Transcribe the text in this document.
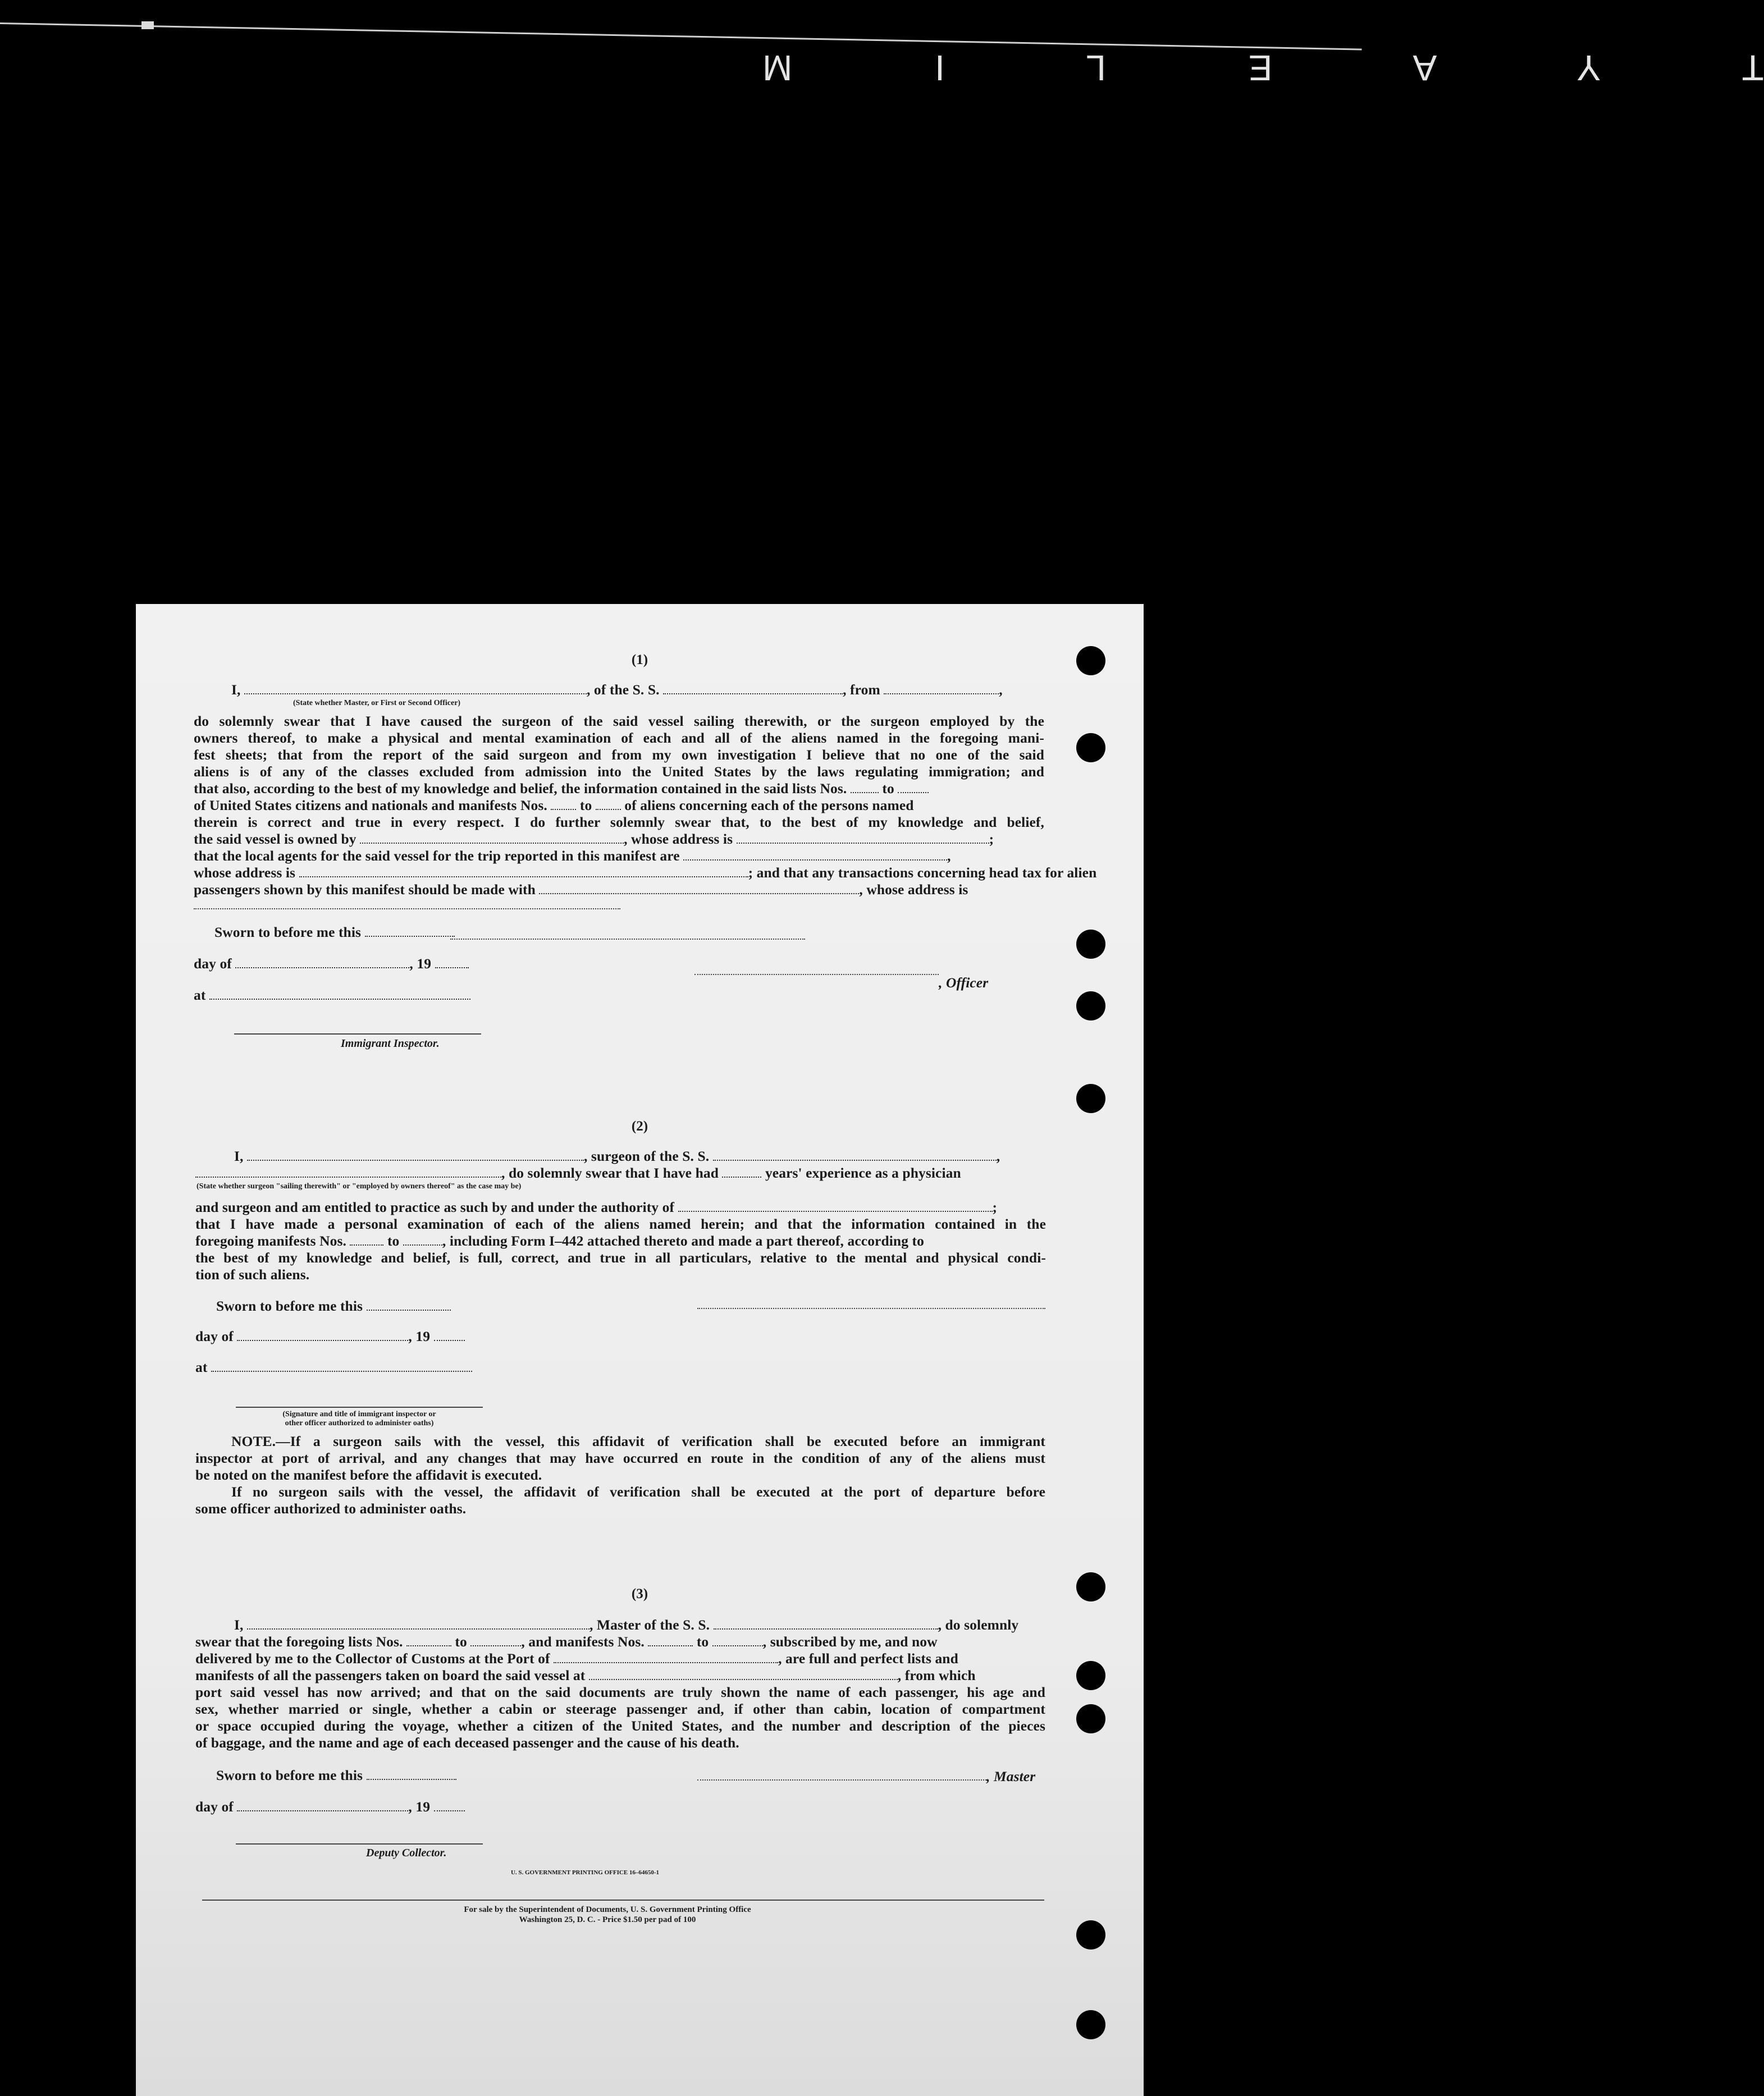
T Y A E L I M
(1)
I,	, of the S. S.	, from	,
(State whether Master, or First or Second Officer)
do solemnly swear that I have caused the surgeon of the said vessel sailing therewith, or the surgeon employed by the
owners thereof, to make a physical and mental examination of each and all of the aliens named in the foregoing mani-
fest sheets; that from the report of the said surgeon and from my own investigation I believe that no one of the said
aliens is of any of the classes excluded from admission into the United States by the laws regulating immigration; and
that also, according to the best of my knowledge and belief, the information contained in the said lists Nos. to
of United States citizens and nationals and manifests Nos. to of aliens concerning each of the persons named
therein is correct and true in every respect. I do further solemnly swear that, to the best of my knowledge and belief,
the said vessel is owned by	, whose address is	;
that the local agents for the said vessel for the trip reported in this manifest are	,
whose address is	; and that any transactions concerning head tax for alien
passengers shown by this manifest should be made with	, whose address is
Sworn to before me this
day of	, 19
at
Immigrant Inspector.
, Officer
(2)
I,	, surgeon of the S. S.	,
, do solemnly swear that I have had	years' experience as a physician
(State whether surgeon "sailing therewith" or "employed by owners thereof" as the case may be)
and surgeon and am entitled to practice as such by and under the authority of	;
that I have made a personal examination of each of the aliens named herein; and that the information contained in the
foregoing manifests Nos.	to	, including Form I–442 attached thereto and made a part thereof, according to
the best of my knowledge and belief, is full, correct, and true in all particulars, relative to the mental and physical condi-
tion of such aliens.
Sworn to before me this
day of	, 19
at
(Signature and title of immigrant inspector or
other officer authorized to administer oaths)
NOTE.—If a surgeon sails with the vessel, this affidavit of verification shall be executed before an immigrant
inspector at port of arrival, and any changes that may have occurred en route in the condition of any of the aliens must
be noted on the manifest before the affidavit is executed.
If no surgeon sails with the vessel, the affidavit of verification shall be executed at the port of departure before
some officer authorized to administer oaths.
(3)
I,	, Master of the S. S.	, do solemnly
swear that the foregoing lists Nos.	to	, and manifests Nos.	to	, subscribed by me, and now
delivered by me to the Collector of Customs at the Port of	, are full and perfect lists and
manifests of all the passengers taken on board the said vessel at	, from which
port said vessel has now arrived; and that on the said documents are truly shown the name of each passenger, his age and
sex, whether married or single, whether a cabin or steerage passenger and, if other than cabin, location of compartment
or space occupied during the voyage, whether a citizen of the United States, and the number and description of the pieces
of baggage, and the name and age of each deceased passenger and the cause of his death.
Sworn to before me this	, Master
day of	, 19
Deputy Collector.
U. S. GOVERNMENT PRINTING OFFICE 16–64650-1
For sale by the Superintendent of Documents, U. S. Government Printing Office
Washington 25, D. C. - Price $1.50 per pad of 100
